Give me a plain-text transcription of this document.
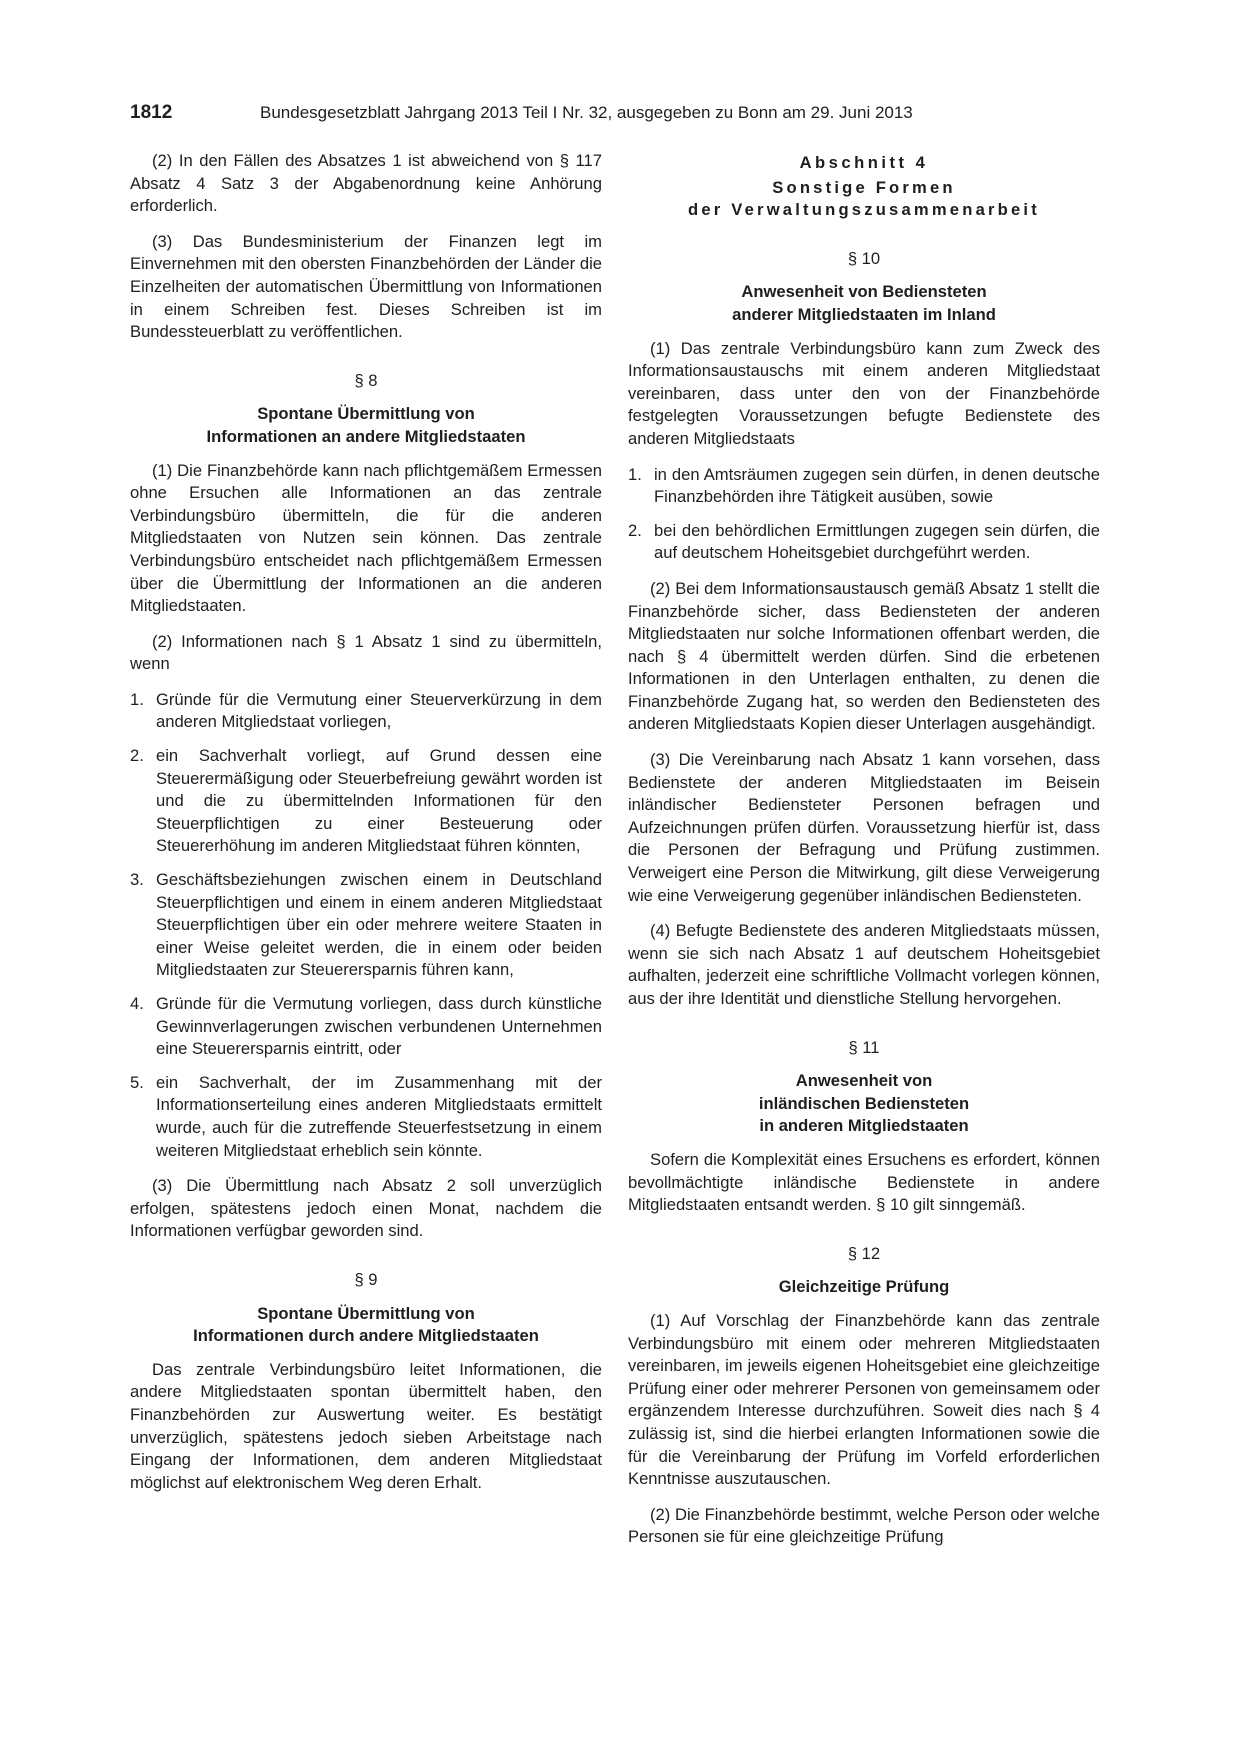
1812	Bundesgesetzblatt Jahrgang 2013 Teil I Nr. 32, ausgegeben zu Bonn am 29. Juni 2013

(2) In den Fällen des Absatzes 1 ist abweichend von § 117 Absatz 4 Satz 3 der Abgabenordnung keine Anhörung erforderlich.

(3) Das Bundesministerium der Finanzen legt im Einvernehmen mit den obersten Finanzbehörden der Länder die Einzelheiten der automatischen Übermittlung von Informationen in einem Schreiben fest. Dieses Schreiben ist im Bundessteuerblatt zu veröffentlichen.

§ 8
Spontane Übermittlung von
Informationen an andere Mitgliedstaaten

(1) Die Finanzbehörde kann nach pflichtgemäßem Ermessen ohne Ersuchen alle Informationen an das zentrale Verbindungsbüro übermitteln, die für die anderen Mitgliedstaaten von Nutzen sein können. Das zentrale Verbindungsbüro entscheidet nach pflichtgemäßem Ermessen über die Übermittlung der Informationen an die anderen Mitgliedstaaten.

(2) Informationen nach § 1 Absatz 1 sind zu übermitteln, wenn

1. Gründe für die Vermutung einer Steuerverkürzung in dem anderen Mitgliedstaat vorliegen,
2. ein Sachverhalt vorliegt, auf Grund dessen eine Steuerermäßigung oder Steuerbefreiung gewährt worden ist und die zu übermittelnden Informationen für den Steuerpflichtigen zu einer Besteuerung oder Steuererhöhung im anderen Mitgliedstaat führen könnten,
3. Geschäftsbeziehungen zwischen einem in Deutschland Steuerpflichtigen und einem in einem anderen Mitgliedstaat Steuerpflichtigen über ein oder mehrere weitere Staaten in einer Weise geleitet werden, die in einem oder beiden Mitgliedstaaten zur Steuerersparnis führen kann,
4. Gründe für die Vermutung vorliegen, dass durch künstliche Gewinnverlagerungen zwischen verbundenen Unternehmen eine Steuerersparnis eintritt, oder
5. ein Sachverhalt, der im Zusammenhang mit der Informationserteilung eines anderen Mitgliedstaats ermittelt wurde, auch für die zutreffende Steuerfestsetzung in einem weiteren Mitgliedstaat erheblich sein könnte.

(3) Die Übermittlung nach Absatz 2 soll unverzüglich erfolgen, spätestens jedoch einen Monat, nachdem die Informationen verfügbar geworden sind.

§ 9
Spontane Übermittlung von
Informationen durch andere Mitgliedstaaten

Das zentrale Verbindungsbüro leitet Informationen, die andere Mitgliedstaaten spontan übermittelt haben, den Finanzbehörden zur Auswertung weiter. Es bestätigt unverzüglich, spätestens jedoch sieben Arbeitstage nach Eingang der Informationen, dem anderen Mitgliedstaat möglichst auf elektronischem Weg deren Erhalt.

Abschnitt 4
Sonstige Formen
der Verwaltungszusammenarbeit
§ 10
Anwesenheit von Bediensteten
anderer Mitgliedstaaten im Inland

(1) Das zentrale Verbindungsbüro kann zum Zweck des Informationsaustauschs mit einem anderen Mitgliedstaat vereinbaren, dass unter den von der Finanzbehörde festgelegten Voraussetzungen befugte Bedienstete des anderen Mitgliedstaats

1. in den Amtsräumen zugegen sein dürfen, in denen deutsche Finanzbehörden ihre Tätigkeit ausüben, sowie
2. bei den behördlichen Ermittlungen zugegen sein dürfen, die auf deutschem Hoheitsgebiet durchgeführt werden.

(2) Bei dem Informationsaustausch gemäß Absatz 1 stellt die Finanzbehörde sicher, dass Bediensteten der anderen Mitgliedstaaten nur solche Informationen offenbart werden, die nach § 4 übermittelt werden dürfen. Sind die erbetenen Informationen in den Unterlagen enthalten, zu denen die Finanzbehörde Zugang hat, so werden den Bediensteten des anderen Mitgliedstaats Kopien dieser Unterlagen ausgehändigt.

(3) Die Vereinbarung nach Absatz 1 kann vorsehen, dass Bedienstete der anderen Mitgliedstaaten im Beisein inländischer Bediensteter Personen befragen und Aufzeichnungen prüfen dürfen. Voraussetzung hierfür ist, dass die Personen der Befragung und Prüfung zustimmen. Verweigert eine Person die Mitwirkung, gilt diese Verweigerung wie eine Verweigerung gegenüber inländischen Bediensteten.

(4) Befugte Bedienstete des anderen Mitgliedstaats müssen, wenn sie sich nach Absatz 1 auf deutschem Hoheitsgebiet aufhalten, jederzeit eine schriftliche Vollmacht vorlegen können, aus der ihre Identität und dienstliche Stellung hervorgehen.

§ 11
Anwesenheit von
inländischen Bediensteten
in anderen Mitgliedstaaten

Sofern die Komplexität eines Ersuchens es erfordert, können bevollmächtigte inländische Bedienstete in andere Mitgliedstaaten entsandt werden. § 10 gilt sinngemäß.

§ 12
Gleichzeitige Prüfung

(1) Auf Vorschlag der Finanzbehörde kann das zentrale Verbindungsbüro mit einem oder mehreren Mitgliedstaaten vereinbaren, im jeweils eigenen Hoheitsgebiet eine gleichzeitige Prüfung einer oder mehrerer Personen von gemeinsamem oder ergänzendem Interesse durchzuführen. Soweit dies nach § 4 zulässig ist, sind die hierbei erlangten Informationen sowie die für die Vereinbarung der Prüfung im Vorfeld erforderlichen Kenntnisse auszutauschen.

(2) Die Finanzbehörde bestimmt, welche Person oder welche Personen sie für eine gleichzeitige Prüfung
